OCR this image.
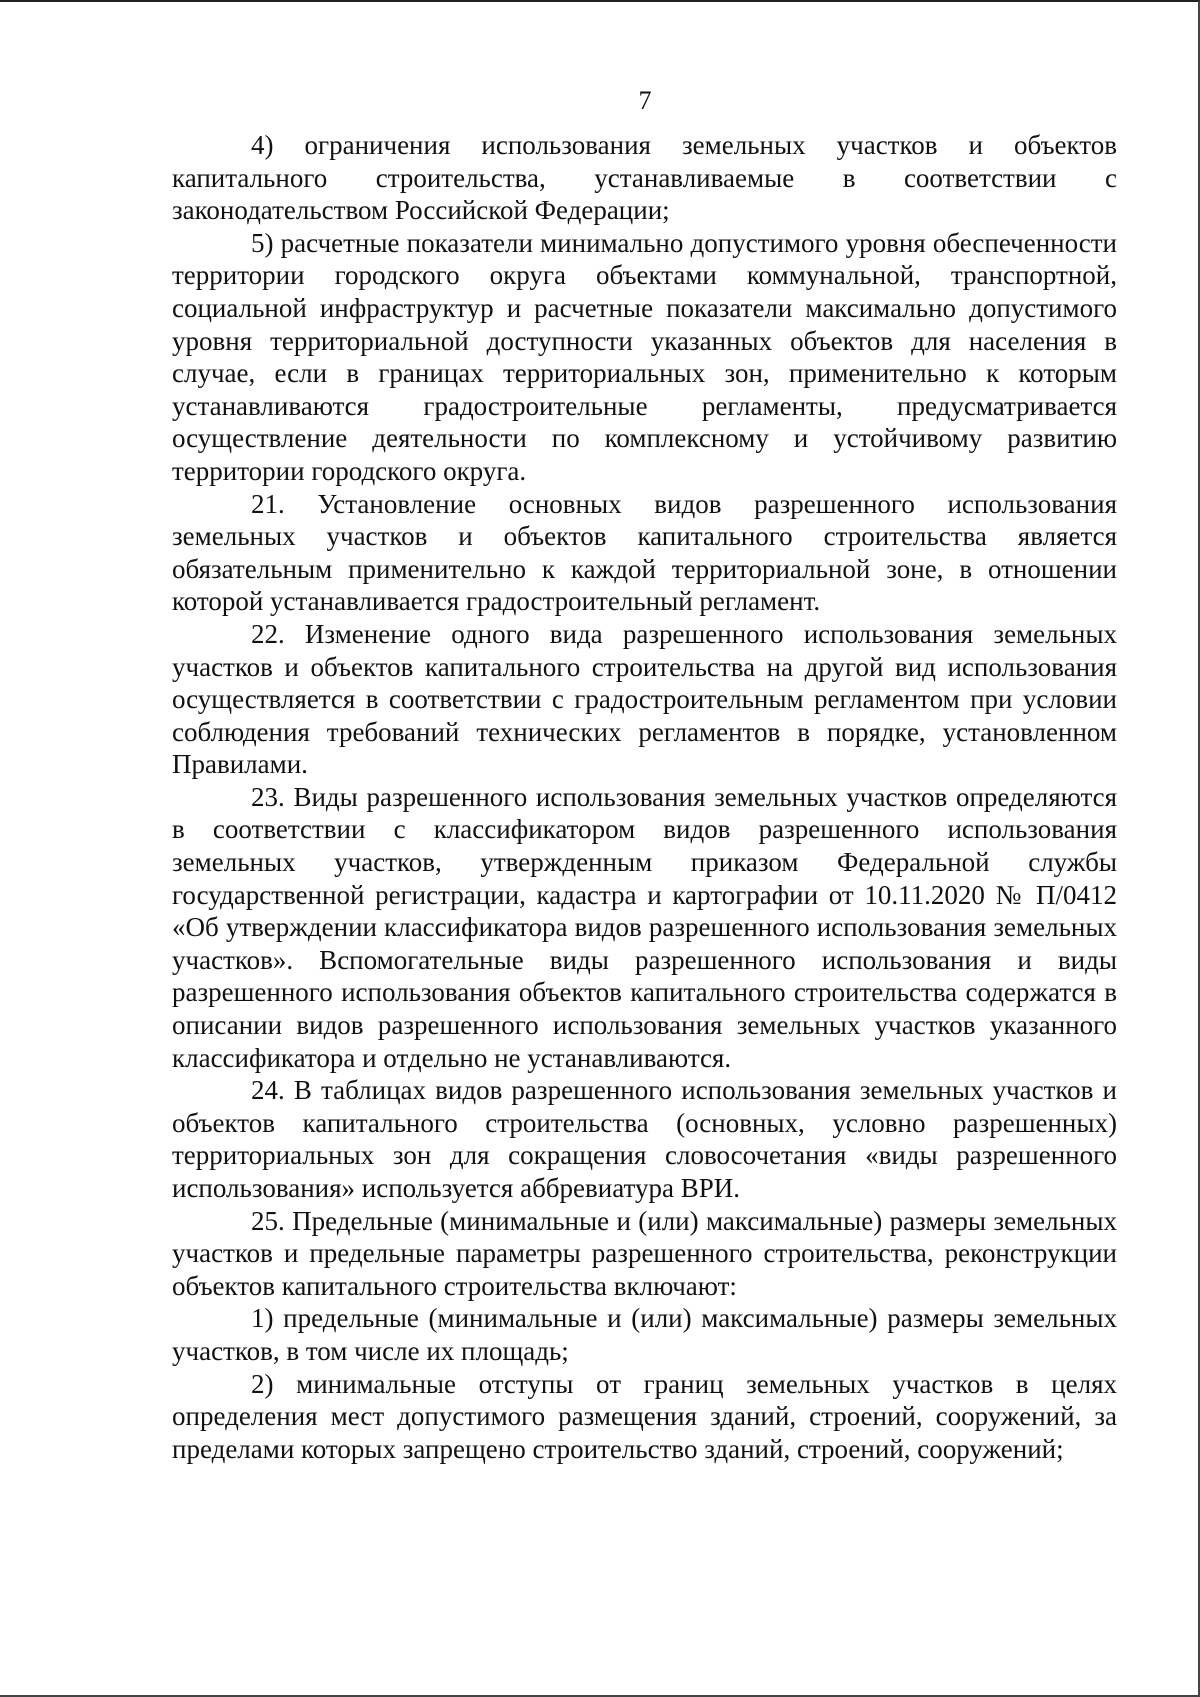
7

4) ограничения использования земельных участков и объектов капитального строительства, устанавливаемые в соответствии с законодательством Российской Федерации;

5) расчетные показатели минимально допустимого уровня обеспеченности территории городского округа объектами коммунальной, транспортной, социальной инфраструктур и расчетные показатели максимально допустимого уровня территориальной доступности указанных объектов для населения в случае, если в границах территориальных зон, применительно к которым устанавливаются градостроительные регламенты, предусматривается осуществление деятельности по комплексному и устойчивому развитию территории городского округа.

21. Установление основных видов разрешенного использования земельных участков и объектов капитального строительства является обязательным применительно к каждой территориальной зоне, в отношении которой устанавливается градостроительный регламент.

22. Изменение одного вида разрешенного использования земельных участков и объектов капитального строительства на другой вид использования осуществляется в соответствии с градостроительным регламентом при условии соблюдения требований технических регламентов в порядке, установленном Правилами.

23. Виды разрешенного использования земельных участков определяются в соответствии с классификатором видов разрешенного использования земельных участков, утвержденным приказом Федеральной службы государственной регистрации, кадастра и картографии от 10.11.2020 № П/0412 «Об утверждении классификатора видов разрешенного использования земельных участков». Вспомогательные виды разрешенного использования и виды разрешенного использования объектов капитального строительства содержатся в описании видов разрешенного использования земельных участков указанного классификатора и отдельно не устанавливаются.

24. В таблицах видов разрешенного использования земельных участков и объектов капитального строительства (основных, условно разрешенных) территориальных зон для сокращения словосочетания «виды разрешенного использования» используется аббревиатура ВРИ.

25. Предельные (минимальные и (или) максимальные) размеры земельных участков и предельные параметры разрешенного строительства, реконструкции объектов капитального строительства включают:

1) предельные (минимальные и (или) максимальные) размеры земельных участков, в том числе их площадь;

2) минимальные отступы от границ земельных участков в целях определения мест допустимого размещения зданий, строений, сооружений, за пределами которых запрещено строительство зданий, строений, сооружений;
